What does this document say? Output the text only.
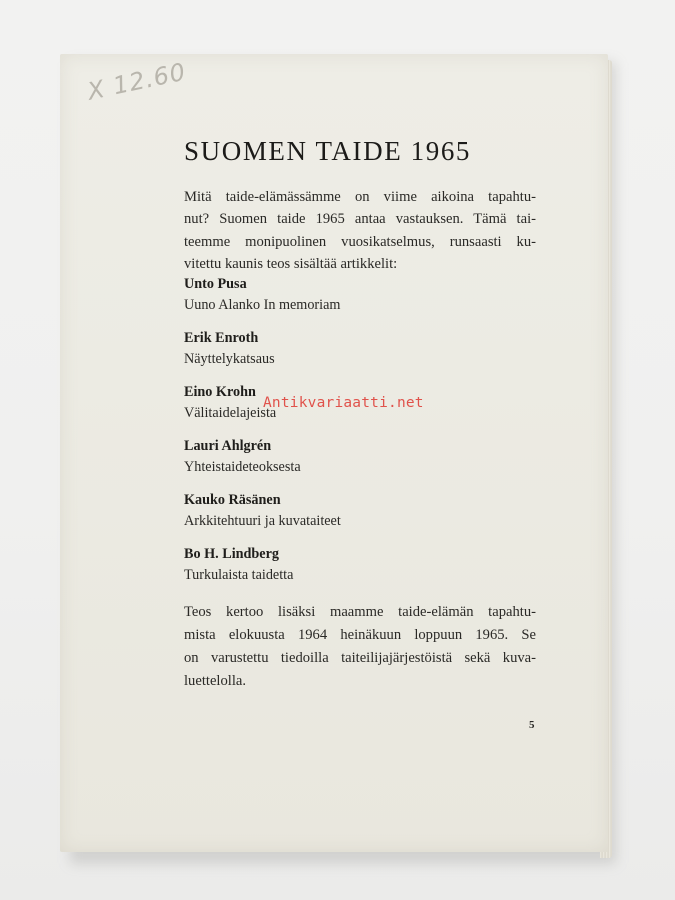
X 12.60
SUOMEN TAIDE 1965
Mitä taide-elämässämme on viime aikoina tapahtu-
nut? Suomen taide 1965 antaa vastauksen. Tämä tai-
teemme monipuolinen vuosikatselmus, runsaasti ku-
vitettu kaunis teos sisältää artikkelit:
Unto Pusa
Uuno Alanko In memoriam
Erik Enroth
Näyttelykatsaus
Eino Krohn
Välitaidelajeista
Lauri Ahlgrén
Yhteistaideteoksesta
Kauko Räsänen
Arkkitehtuuri ja kuvataiteet
Bo H. Lindberg
Turkulaista taidetta
Teos kertoo lisäksi maamme taide-elämän tapahtu-
mista elokuusta 1964 heinäkuun loppuun 1965. Se
on varustettu tiedoilla taiteilijajärjestöistä sekä kuva-
luettelolla.
5
Antikvariaatti.net
